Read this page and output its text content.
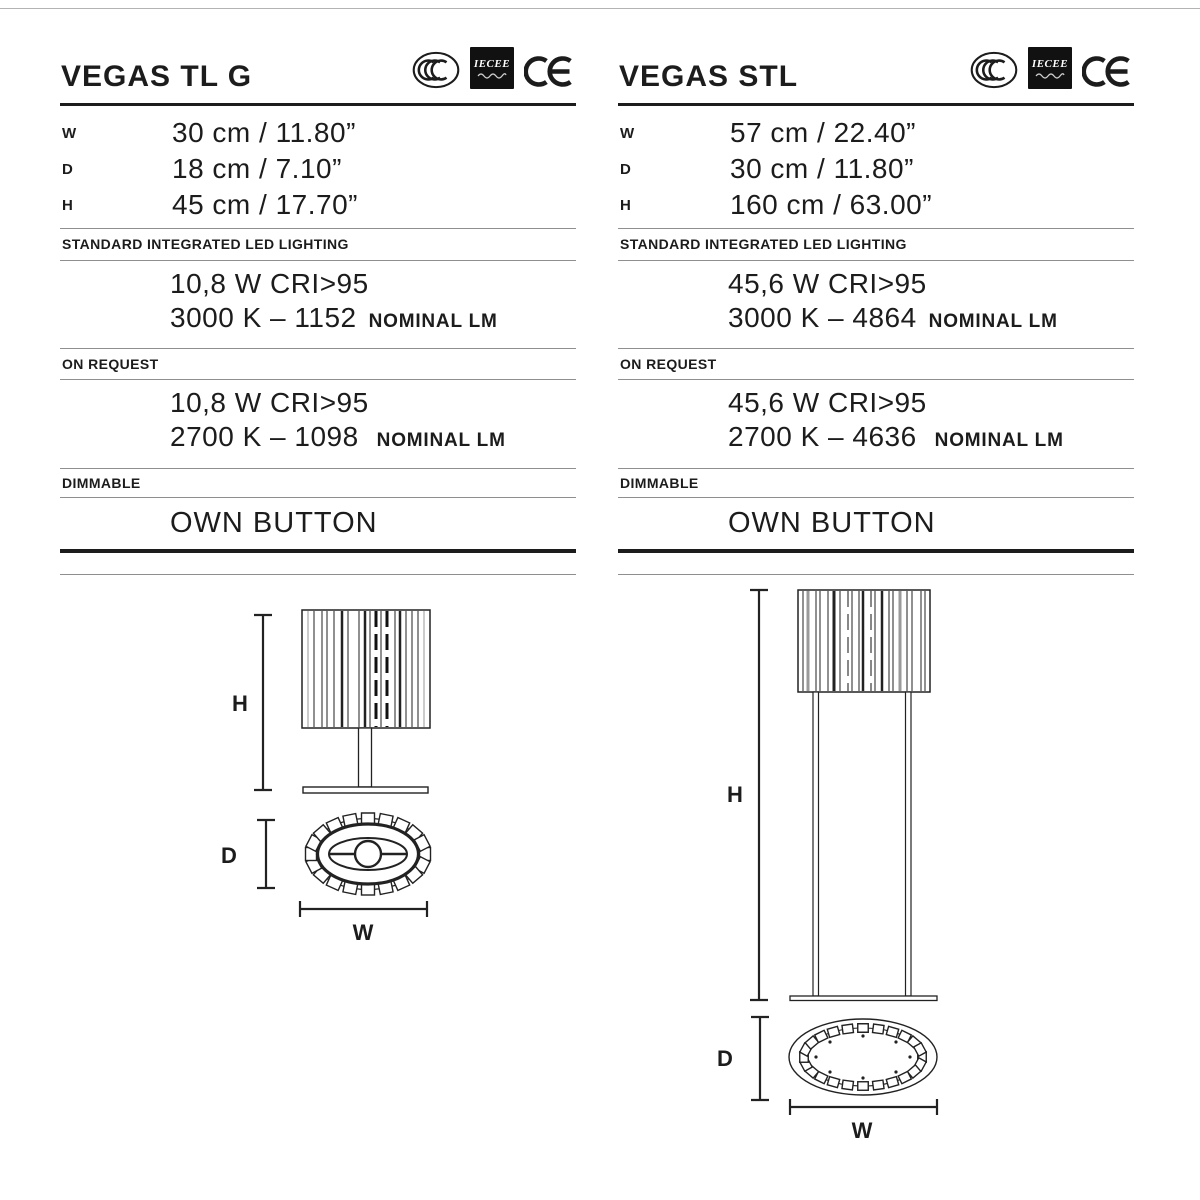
VEGAS TL G	IECEE
W	30 cm / 11.80”
D	18 cm / 7.10”
H	45 cm / 17.70”
STANDARD INTEGRATED LED LIGHTING
10,8 W CRI>95
3000 K – 1152 NOMINAL LM
ON REQUEST
10,8 W CRI>95
2700 K – 1098 NOMINAL LM
DIMMABLE
OWN BUTTON
VEGAS STL	IECEE
W	57 cm / 22.40”
D	30 cm / 11.80”
H	160 cm / 63.00”
STANDARD INTEGRATED LED LIGHTING
45,6 W CRI>95
3000 K – 4864 NOMINAL LM
ON REQUEST
45,6 W CRI>95
2700 K – 4636 NOMINAL LM
DIMMABLE
OWN BUTTON
H
D
W
H
D
W
